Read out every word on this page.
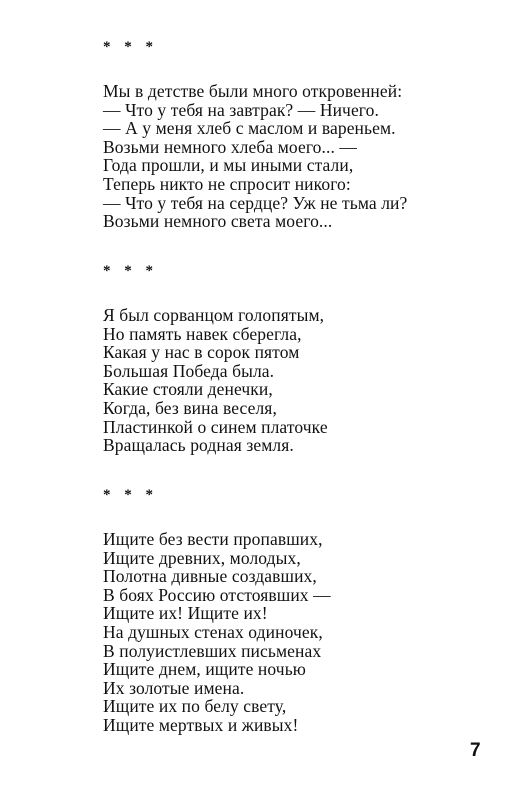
* * *

Мы в детстве были много откровенней:
— Что у тебя на завтрак? — Ничего.
— А у меня хлеб с маслом и вареньем.
Возьми немного хлеба моего... —
Года прошли, и мы иными стали,
Теперь никто не спросит никого:
— Что у тебя на сердце? Уж не тьма ли?
Возьми немного света моего...

* * *

Я был сорванцом голопятым,
Но память навек сберегла,
Какая у нас в сорок пятом
Большая Победа была.
Какие стояли денечки,
Когда, без вина веселя,
Пластинкой о синем платочке
Вращалась родная земля.

* * *

Ищите без вести пропавших,
Ищите древних, молодых,
Полотна дивные создавших,
В боях Россию отстоявших —
Ищите их! Ищите их!
На душных стенах одиночек,
В полуистлевших письменах
Ищите днем, ищите ночью
Их золотые имена.
Ищите их по белу свету,
Ищите мертвых и живых!
7
